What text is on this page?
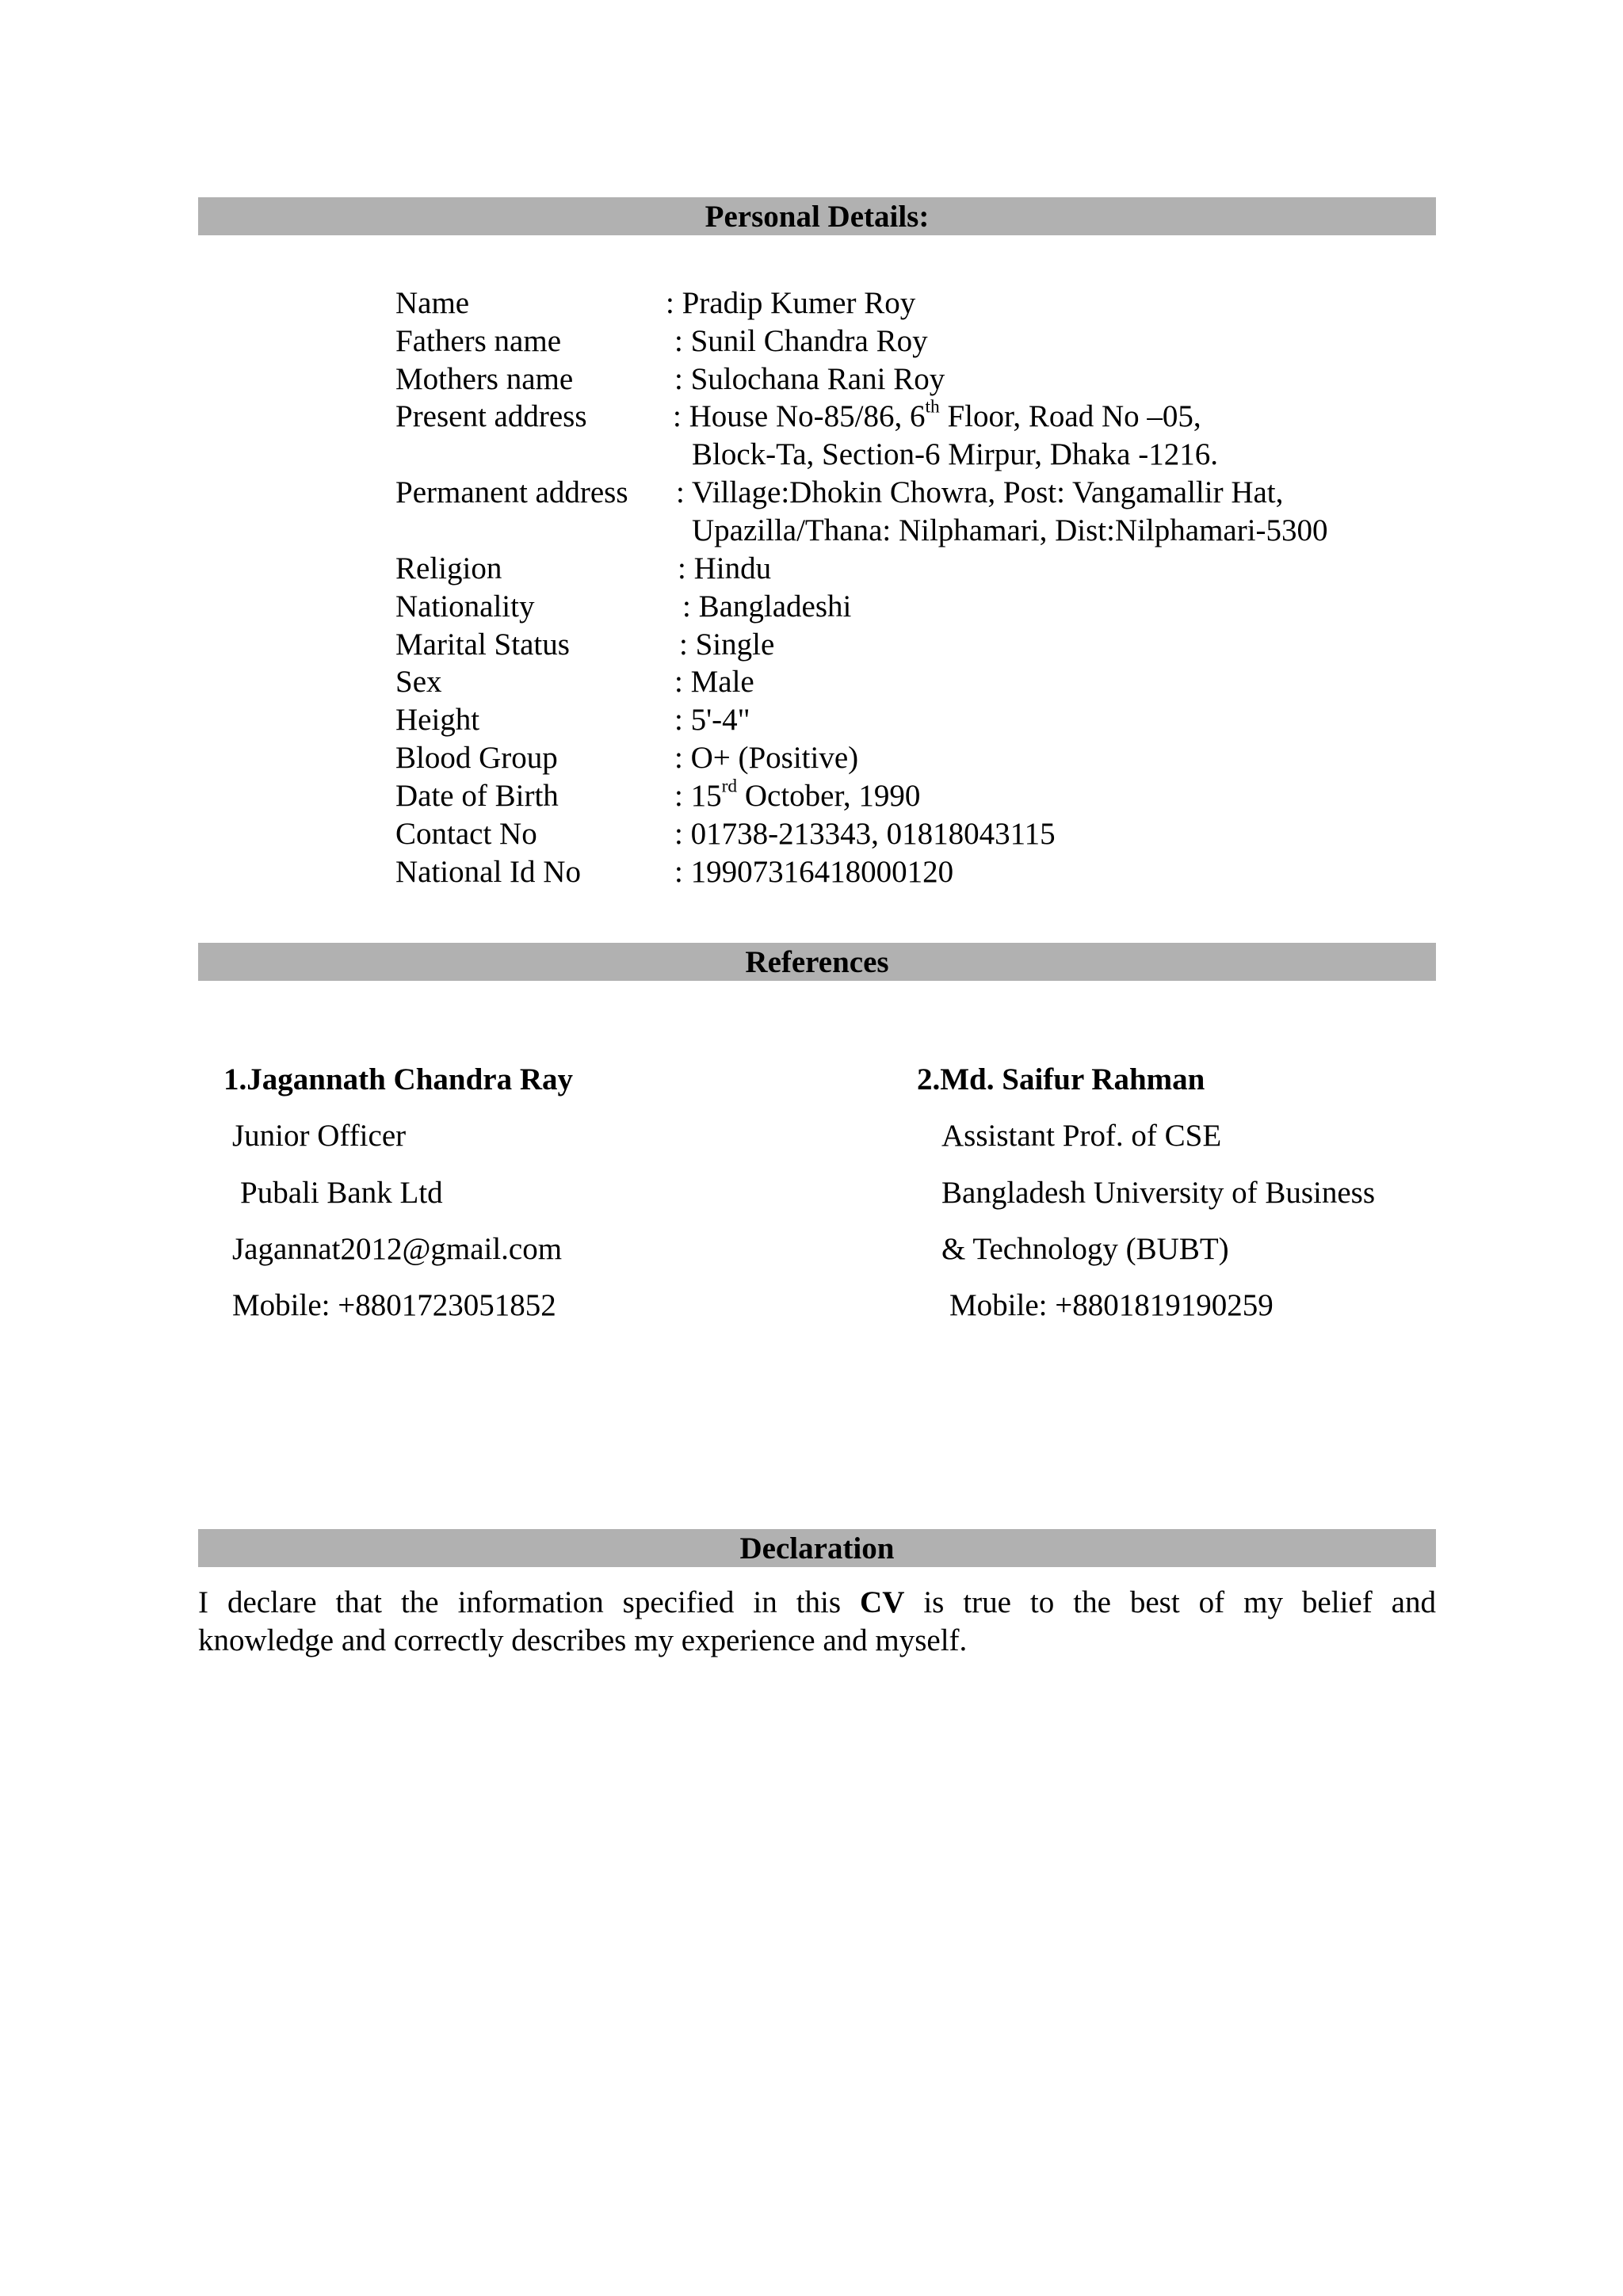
Personal Details:
Name	: Pradip Kumer Roy
Fathers name	: Sunil Chandra Roy
Mothers name	: Sulochana Rani Roy
Present address	: House No-85/86, 6th Floor, Road No –05,
Block-Ta, Section-6 Mirpur, Dhaka -1216.
Permanent address : Village:Dhokin Chowra, Post: Vangamallir Hat,
Upazilla/Thana: Nilphamari, Dist:Nilphamari-5300
Religion	: Hindu
Nationality	: Bangladeshi
Marital Status	: Single
Sex	: Male
Height	: 5'-4"
Blood Group	: O+ (Positive)
Date of Birth	: 15rd October, 1990
Contact No	: 01738-213343, 01818043115
National Id No	: 19907316418000120
References
1.Jagannath Chandra Ray
Junior Officer
Pubali Bank Ltd
Jagannat2012@gmail.com
Mobile: +8801723051852
2.Md. Saifur Rahman
Assistant Prof. of CSE
Bangladesh University of Business
& Technology (BUBT)
Mobile: +8801819190259
Declaration
I declare that the information specified in this CV is true to the best of my belief and
knowledge and correctly describes my experience and myself.
